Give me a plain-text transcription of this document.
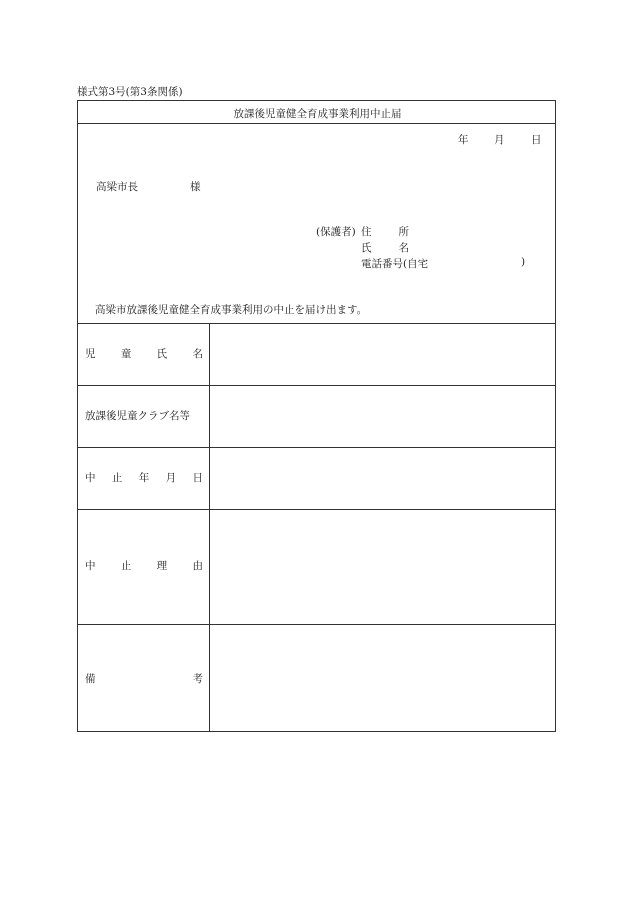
様式第3号(第3条関係)
放課後児童健全育成事業利用中止届
年 月	日
高梁市長	様
(保護者) 住	所
氏	名
電話番号(自宅	)
高梁市放課後児童健全育成事業利用の中止を届け出ます。
児 童 氏 名
放課後児童クラブ名等
中 止 年 月 日
中 止 理 由
備	考
